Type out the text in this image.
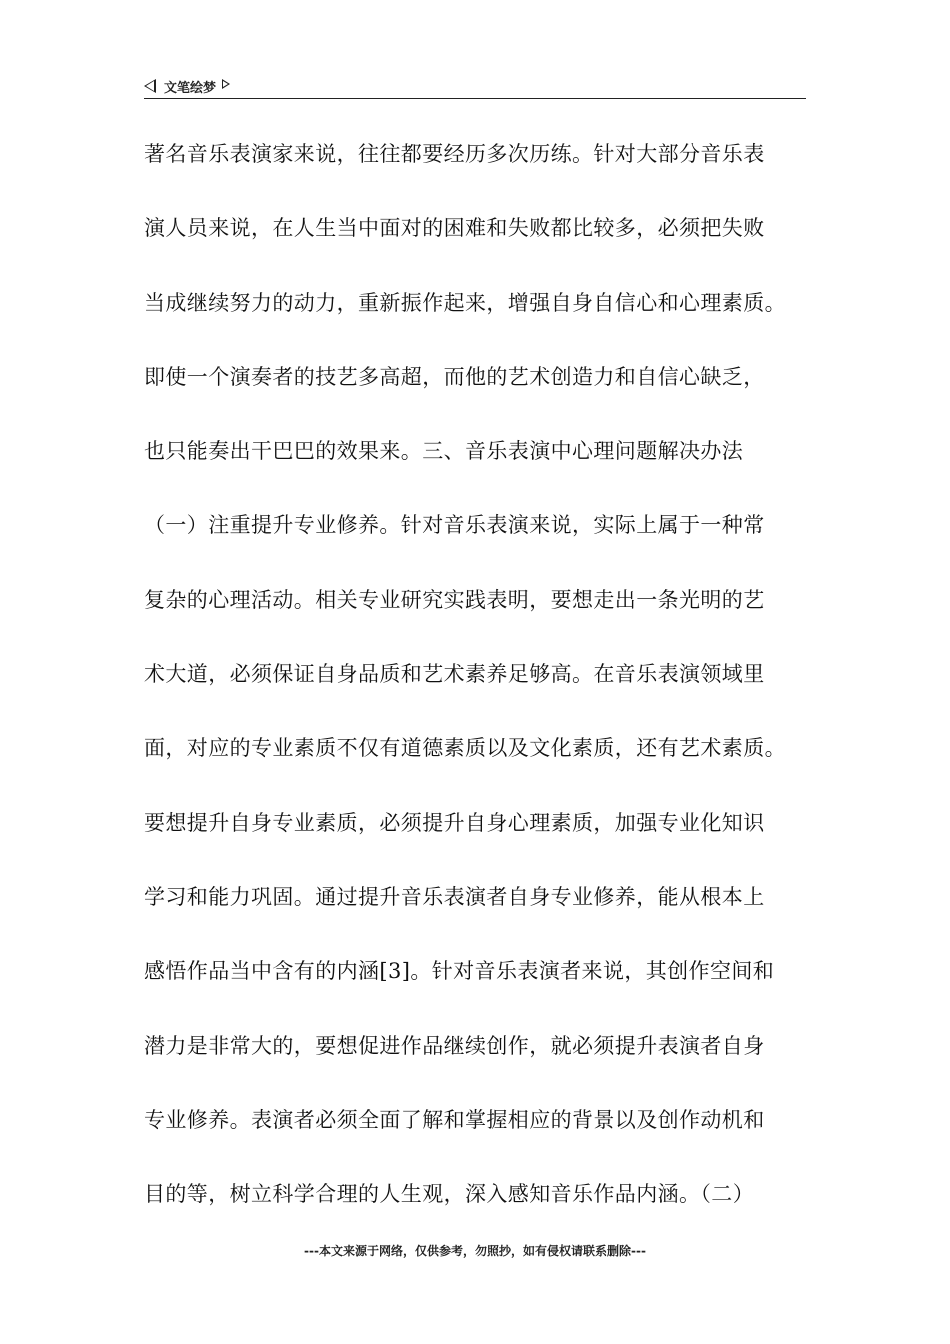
文笔绘梦
著名音乐表演家来说，往往都要经历多次历练。针对大部分音乐表
演人员来说，在人生当中面对的困难和失败都比较多，必须把失败
当成继续努力的动力，重新振作起来，增强自身自信心和心理素质。
即使一个演奏者的技艺多高超，而他的艺术创造力和自信心缺乏，
也只能奏出干巴巴的效果来。三、音乐表演中心理问题解决办法
（一）注重提升专业修养。针对音乐表演来说，实际上属于一种常
复杂的心理活动。相关专业研究实践表明，要想走出一条光明的艺
术大道，必须保证自身品质和艺术素养足够高。在音乐表演领域里
面，对应的专业素质不仅有道德素质以及文化素质，还有艺术素质。
要想提升自身专业素质，必须提升自身心理素质，加强专业化知识
学习和能力巩固。通过提升音乐表演者自身专业修养，能从根本上
感悟作品当中含有的内涵[3]。针对音乐表演者来说，其创作空间和
潜力是非常大的，要想促进作品继续创作，就必须提升表演者自身
专业修养。表演者必须全面了解和掌握相应的背景以及创作动机和
目的等，树立科学合理的人生观，深入感知音乐作品内涵。（二）
---本文来源于网络，仅供参考，勿照抄，如有侵权请联系删除---
